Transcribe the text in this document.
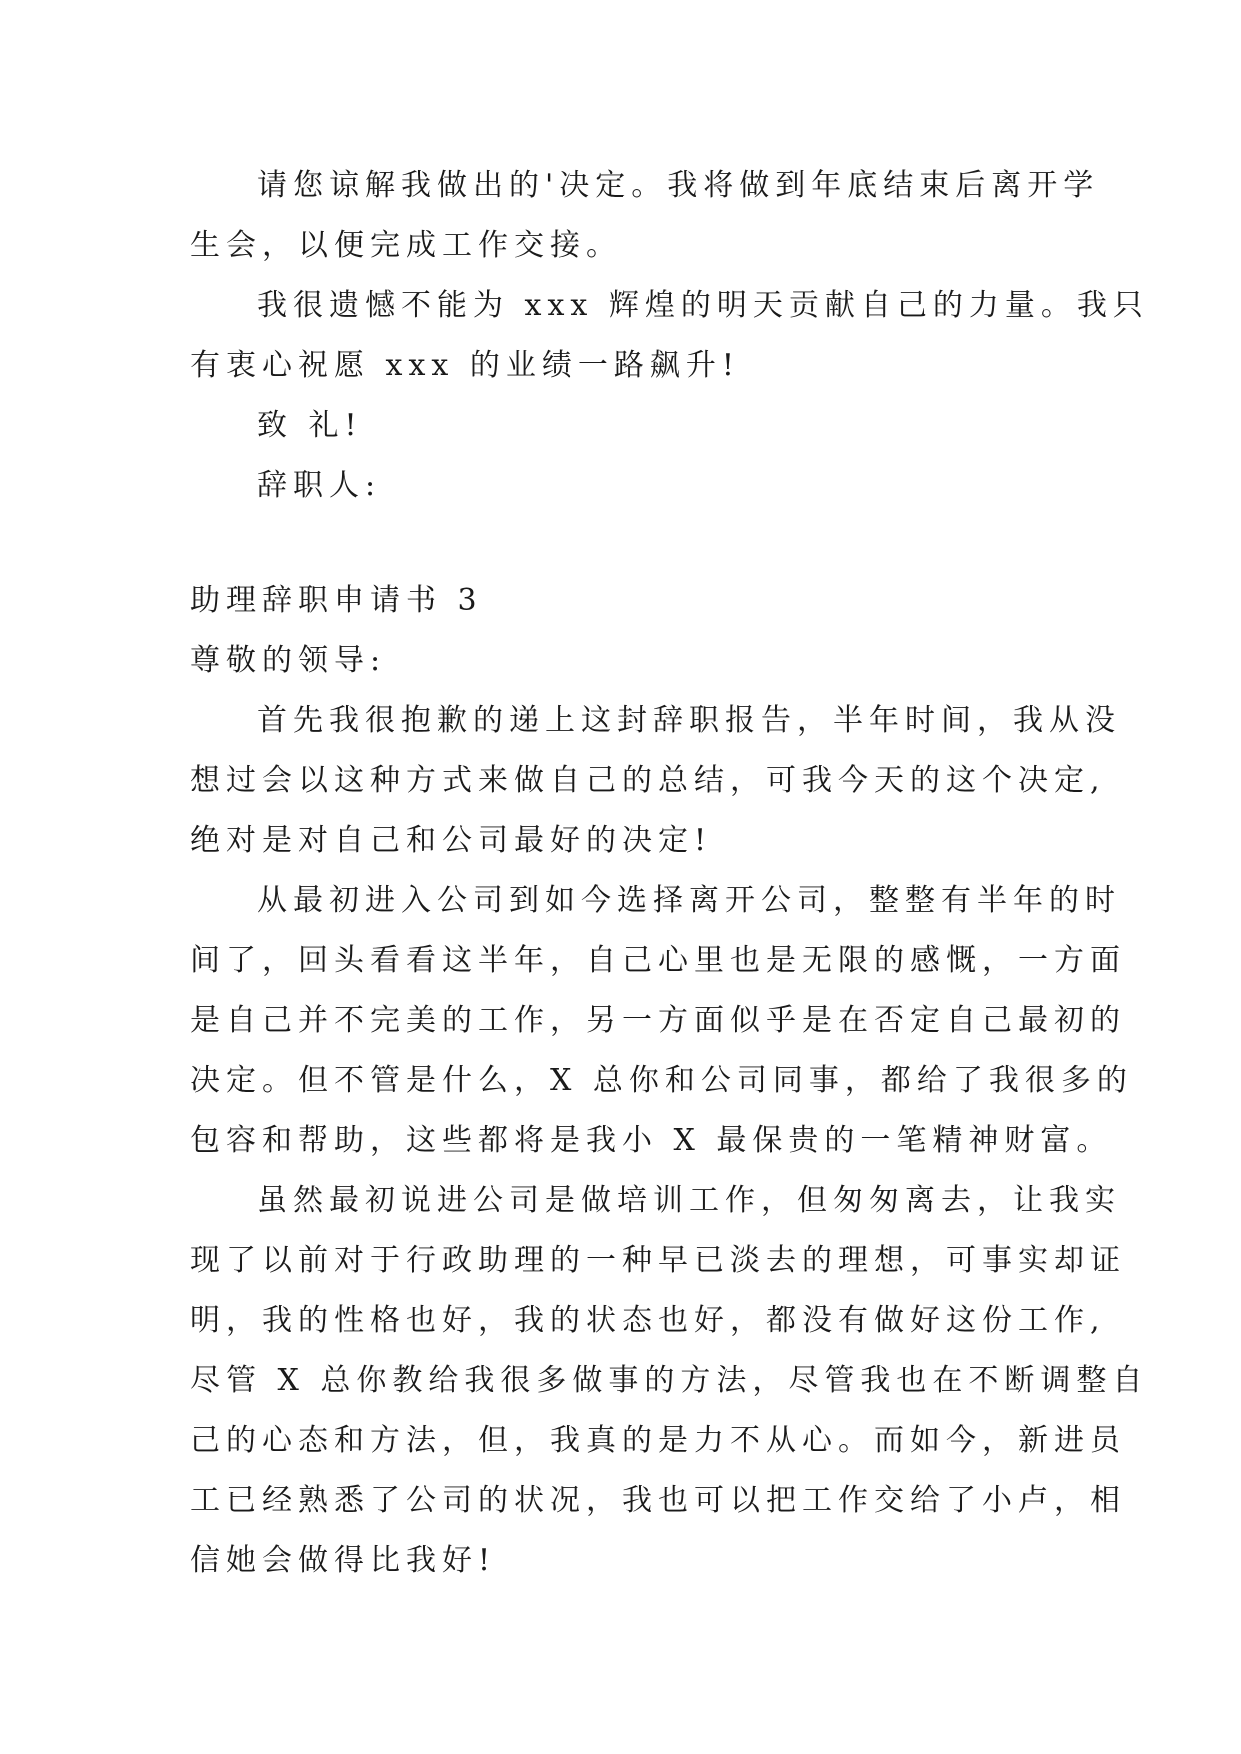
请您谅解我做出的'决定。我将做到年底结束后离开学
生会，以便完成工作交接。
我很遗憾不能为 xxx 辉煌的明天贡献自己的力量。我只
有衷心祝愿 xxx 的业绩一路飙升!
致 礼!
辞职人:
助理辞职申请书 3
尊敬的领导:
首先我很抱歉的递上这封辞职报告，半年时间，我从没
想过会以这种方式来做自己的总结，可我今天的这个决定,
绝对是对自己和公司最好的决定!
从最初进入公司到如今选择离开公司，整整有半年的时
间了，回头看看这半年，自己心里也是无限的感慨，一方面
是自己并不完美的工作，另一方面似乎是在否定自己最初的
决定。但不管是什么，X 总你和公司同事，都给了我很多的
包容和帮助，这些都将是我小 X 最保贵的一笔精神财富。
虽然最初说进公司是做培训工作，但匆匆离去，让我实
现了以前对于行政助理的一种早已淡去的理想，可事实却证
明，我的性格也好，我的状态也好，都没有做好这份工作,
尽管 X 总你教给我很多做事的方法，尽管我也在不断调整自
己的心态和方法，但，我真的是力不从心。而如今，新进员
工已经熟悉了公司的状况，我也可以把工作交给了小卢，相
信她会做得比我好!
